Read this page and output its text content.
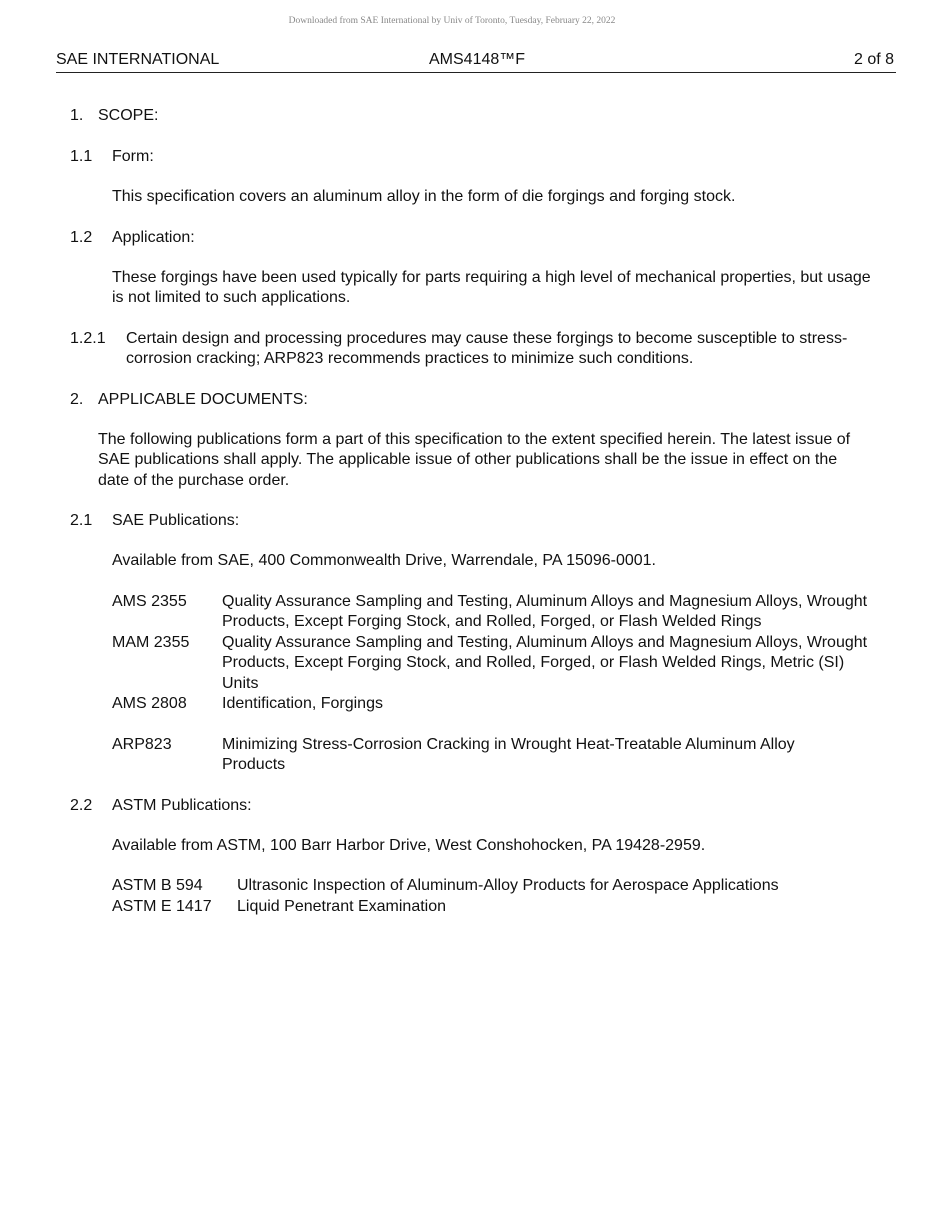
Downloaded from SAE International by Univ of Toronto, Tuesday, February 22, 2022
SAE INTERNATIONAL	AMS4148™F	2 of 8
1. SCOPE:
1.1 Form:
This specification covers an aluminum alloy in the form of die forgings and forging stock.
1.2 Application:
These forgings have been used typically for parts requiring a high level of mechanical properties, but usage is not limited to such applications.
1.2.1 Certain design and processing procedures may cause these forgings to become susceptible to stress-corrosion cracking; ARP823 recommends practices to minimize such conditions.
2. APPLICABLE DOCUMENTS:
The following publications form a part of this specification to the extent specified herein. The latest issue of SAE publications shall apply. The applicable issue of other publications shall be the issue in effect on the date of the purchase order.
2.1 SAE Publications:
Available from SAE, 400 Commonwealth Drive, Warrendale, PA 15096-0001.
AMS 2355 Quality Assurance Sampling and Testing, Aluminum Alloys and Magnesium Alloys, Wrought Products, Except Forging Stock, and Rolled, Forged, or Flash Welded Rings
MAM 2355 Quality Assurance Sampling and Testing, Aluminum Alloys and Magnesium Alloys, Wrought Products, Except Forging Stock, and Rolled, Forged, or Flash Welded Rings, Metric (SI) Units
AMS 2808 Identification, Forgings
ARP823	Minimizing Stress-Corrosion Cracking in Wrought Heat-Treatable Aluminum Alloy Products
2.2 ASTM Publications:
Available from ASTM, 100 Barr Harbor Drive, West Conshohocken, PA 19428-2959.
ASTM B 594 Ultrasonic Inspection of Aluminum-Alloy Products for Aerospace Applications
ASTM E 1417 Liquid Penetrant Examination
